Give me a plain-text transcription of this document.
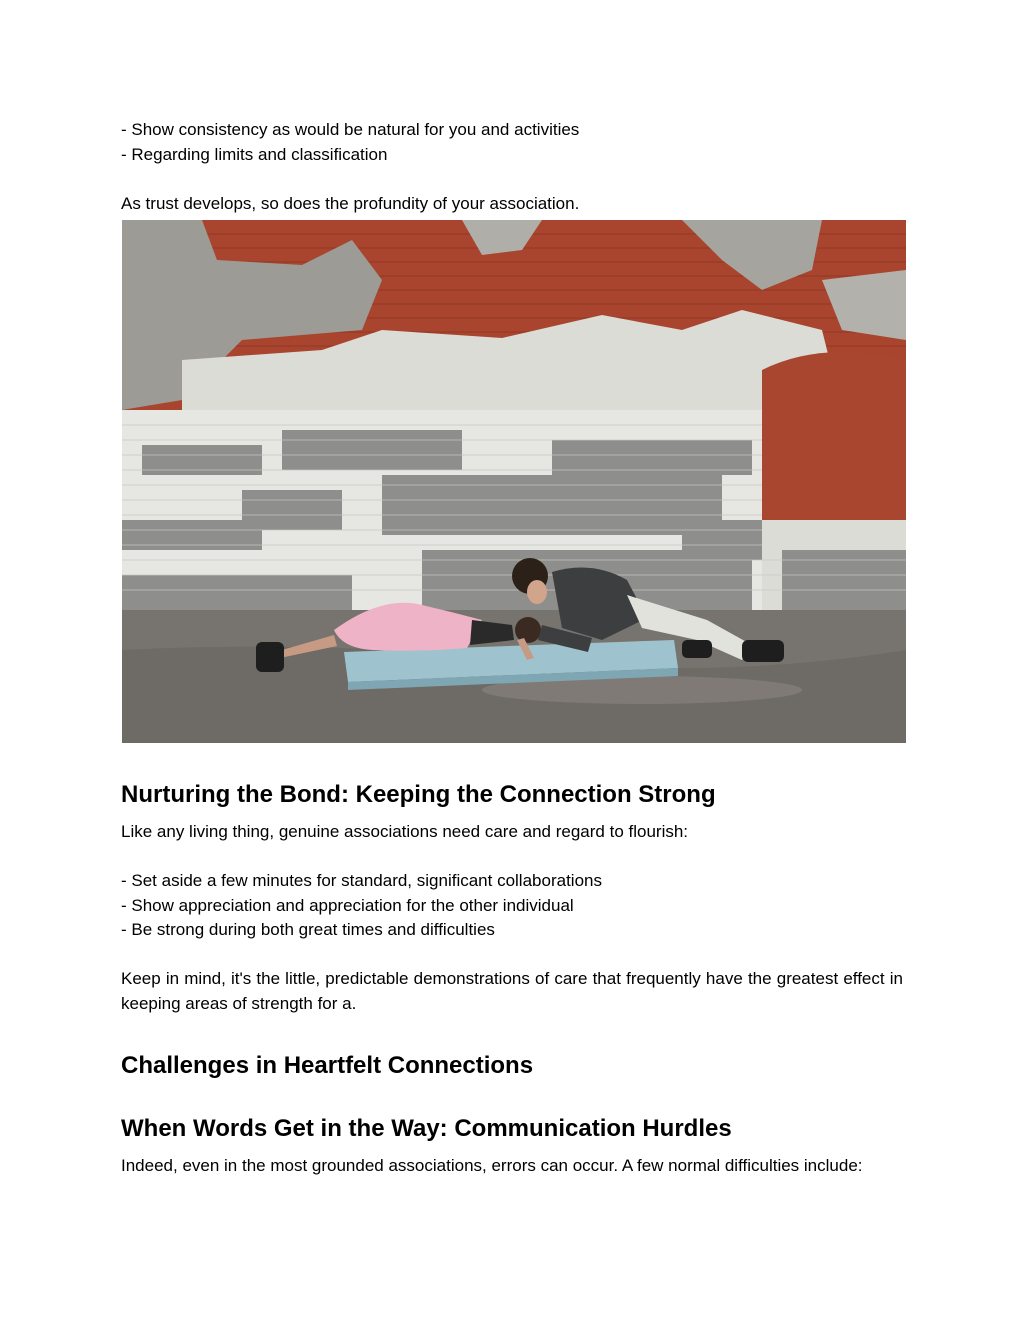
- Show consistency as would be natural for you and activities

- Regarding limits and classification

As trust develops, so does the profundity of your association.

Nurturing the Bond: Keeping the Connection Strong

Like any living thing, genuine associations need care and regard to flourish:

- Set aside a few minutes for standard, significant collaborations

- Show appreciation and appreciation for the other individual

- Be strong during both great times and difficulties

Keep in mind, it's the little, predictable demonstrations of care that frequently have the greatest effect in keeping areas of strength for a.

Challenges in Heartfelt Connections
When Words Get in the Way: Communication Hurdles

Indeed, even in the most grounded associations, errors can occur. A few normal difficulties include:
